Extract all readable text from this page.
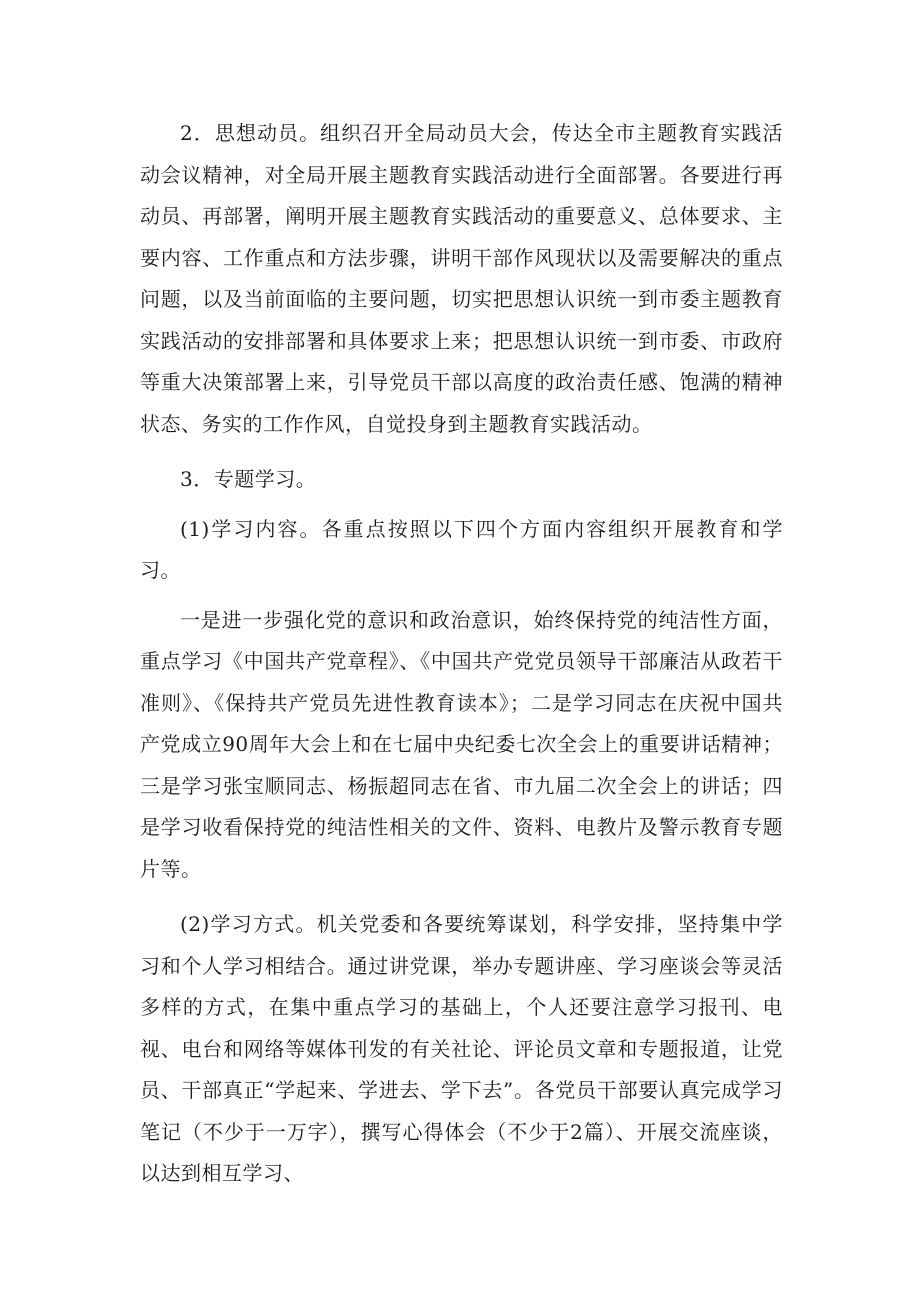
2．思想动员。组织召开全局动员大会，传达全市主题教育实践活动会议精神，对全局开展主题教育实践活动进行全面部署。各要进行再动员、再部署，阐明开展主题教育实践活动的重要意义、总体要求、主要内容、工作重点和方法步骤，讲明干部作风现状以及需要解决的重点问题，以及当前面临的主要问题，切实把思想认识统一到市委主题教育实践活动的安排部署和具体要求上来；把思想认识统一到市委、市政府等重大决策部署上来，引导党员干部以高度的政治责任感、饱满的精神状态、务实的工作作风，自觉投身到主题教育实践活动。

3．专题学习。

(1)学习内容。各重点按照以下四个方面内容组织开展教育和学习。

一是进一步强化党的意识和政治意识，始终保持党的纯洁性方面，重点学习《中国共产党章程》、《中国共产党党员领导干部廉洁从政若干准则》、《保持共产党员先进性教育读本》；二是学习同志在庆祝中国共产党成立90周年大会上和在七届中央纪委七次全会上的重要讲话精神；三是学习张宝顺同志、杨振超同志在省、市九届二次全会上的讲话；四是学习收看保持党的纯洁性相关的文件、资料、电教片及警示教育专题片等。

(2)学习方式。机关党委和各要统筹谋划，科学安排，坚持集中学习和个人学习相结合。通过讲党课，举办专题讲座、学习座谈会等灵活多样的方式，在集中重点学习的基础上，个人还要注意学习报刊、电视、电台和网络等媒体刊发的有关社论、评论员文章和专题报道，让党员、干部真正“学起来、学进去、学下去”。各党员干部要认真完成学习笔记（不少于一万字），撰写心得体会（不少于2篇）、开展交流座谈，以达到相互学习、
